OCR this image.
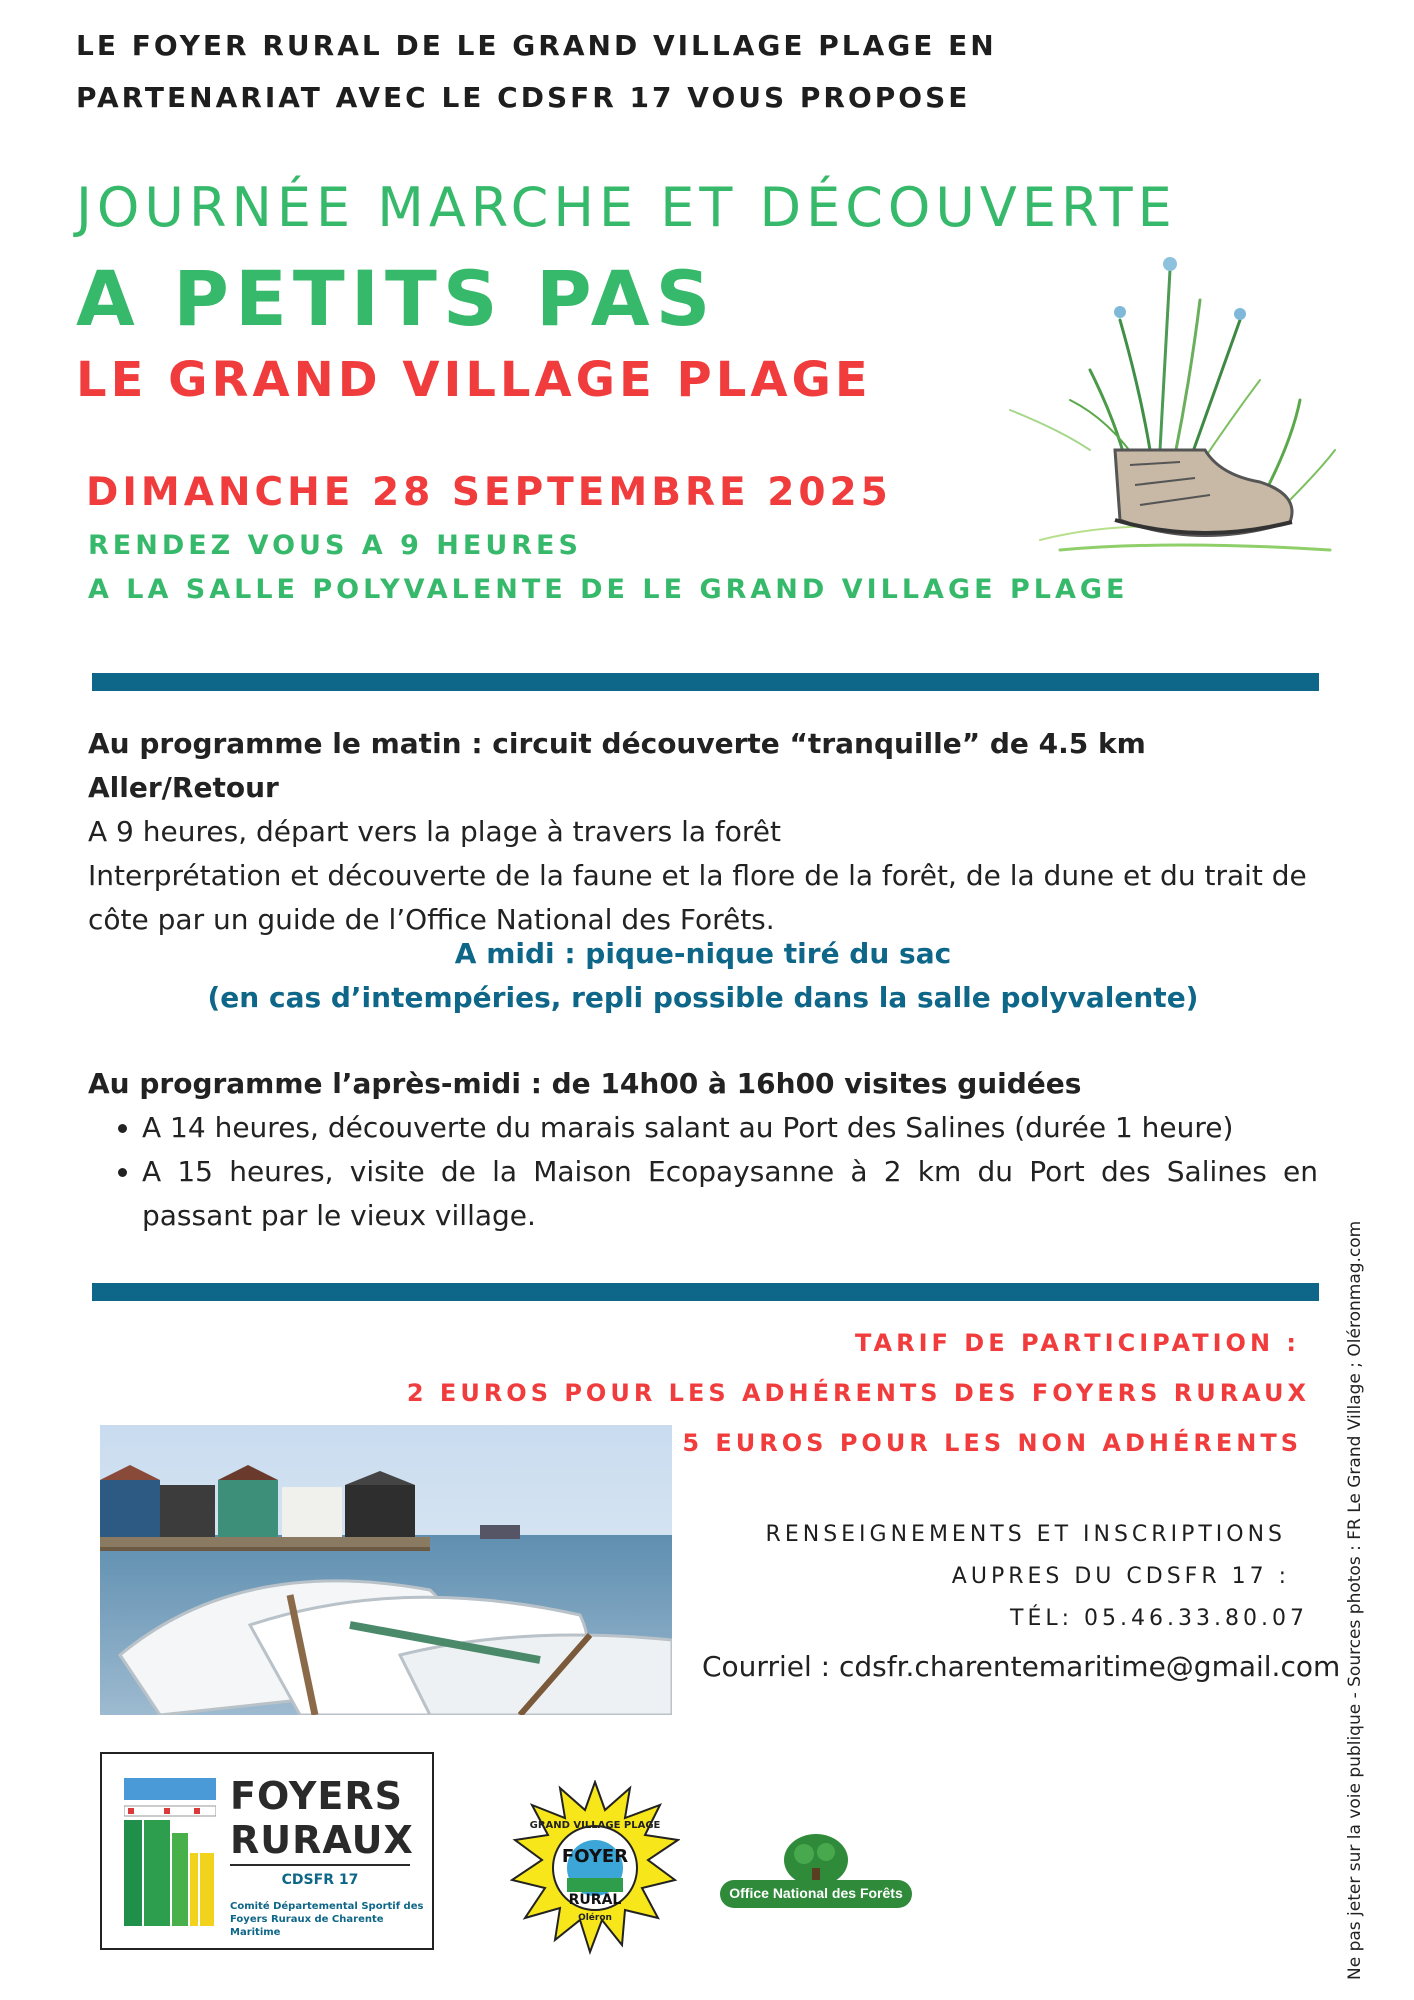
LE FOYER RURAL DE LE GRAND VILLAGE PLAGE EN
PARTENARIAT AVEC LE CDSFR 17 VOUS PROPOSE
JOURNÉE MARCHE ET DÉCOUVERTE
A PETITS PAS
LE GRAND VILLAGE PLAGE
DIMANCHE 28 SEPTEMBRE 2025
RENDEZ VOUS A 9 HEURES
A LA SALLE POLYVALENTE DE LE GRAND VILLAGE PLAGE
Au programme le matin : circuit découverte “tranquille” de 4.5 km Aller/Retour
A 9 heures, départ vers la plage à travers la forêt
Interprétation et découverte de la faune et la flore de la forêt, de la dune et du trait de côte par un guide de l’Office National des Forêts.
A midi : pique-nique tiré du sac
(en cas d’intempéries, repli possible dans la salle polyvalente)
Au programme l’après-midi : de 14h00 à 16h00 visites guidées
• A 14 heures, découverte du marais salant au Port des Salines (durée 1 heure)
• A 15 heures, visite de la Maison Ecopaysanne à 2 km du Port des Salines en passant par le vieux village.
TARIF DE PARTICIPATION :
2 EUROS POUR LES ADHÉRENTS DES FOYERS RURAUX
5 EUROS POUR LES NON ADHÉRENTS
RENSEIGNEMENTS ET INSCRIPTIONS
AUPRES DU CDSFR 17 :
TÉL: 05.46.33.80.07
Courriel : cdsfr.charentemaritime@gmail.com
FOYERS RURAUX
CDSFR 17
Comité Départemental Sportif des
Foyers Ruraux de Charente Maritime
GRAND VILLAGE PLAGE
FOYER
RURAL
Oléron
Office National des Forêts	Ne pas jeter sur la voie publique - Sources photos : FR Le Grand Village ; Oléronmag.com
